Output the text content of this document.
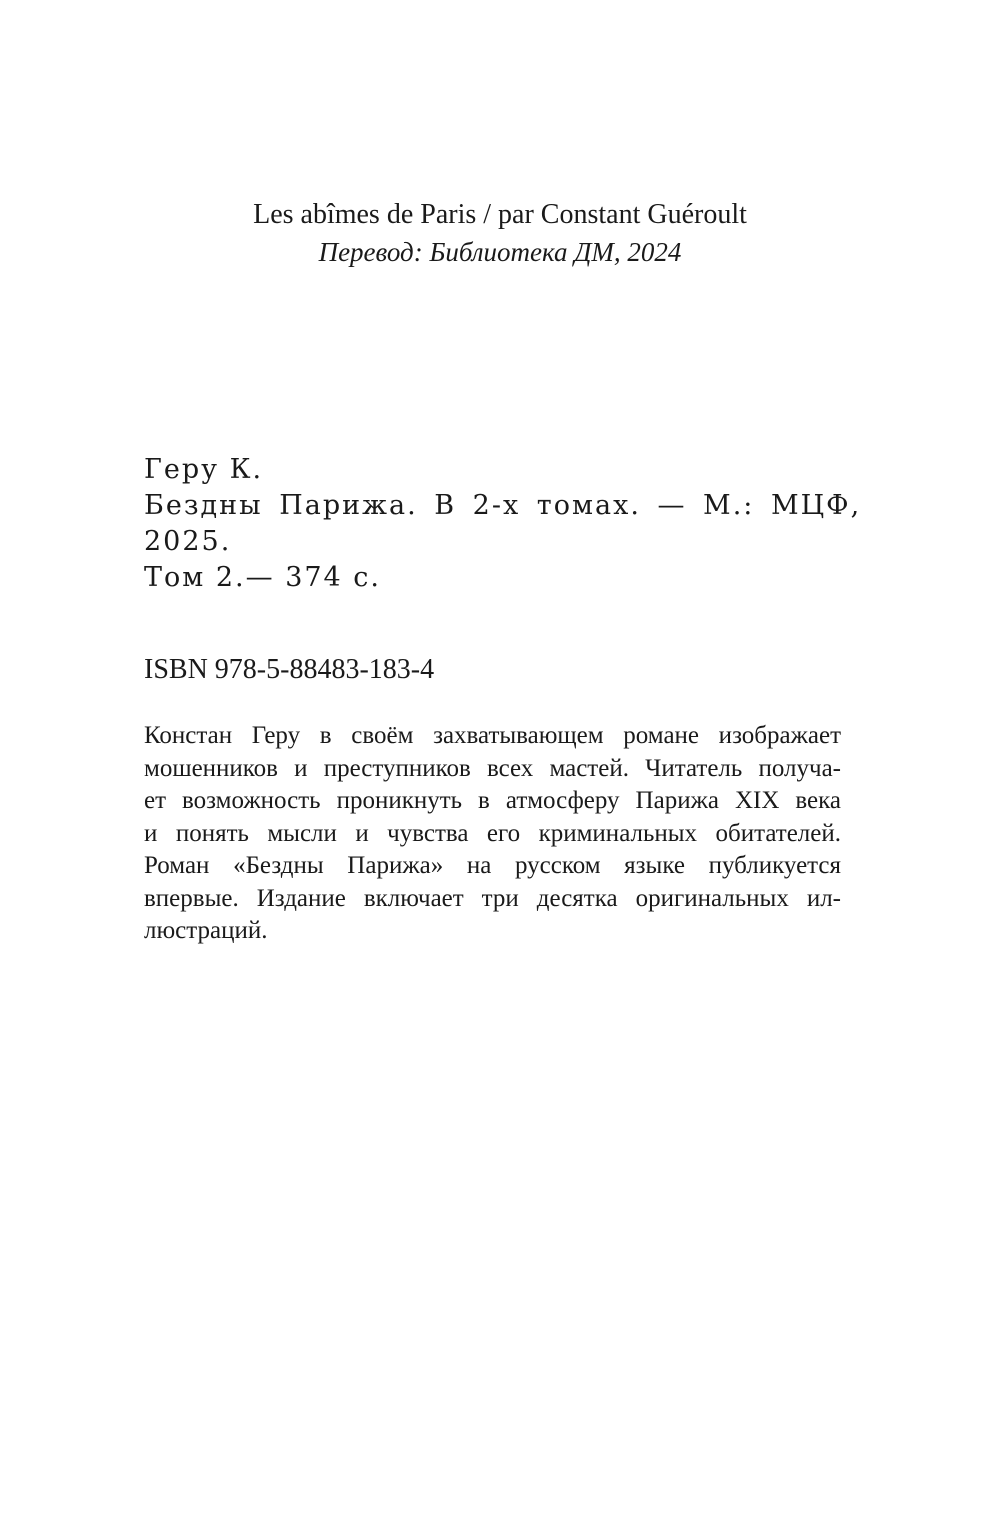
Les abîmes de Paris / par Constant Guéroult
Перевод: Библиотека ДМ, 2024
Геру К.
Бездны Парижа. В 2-х томах. — М.: МЦФ,
2025.
Том 2.— 374 с.
ISBN 978-5-88483-183-4
Констан Геру в своём захватывающем романе изображает
мошенников и преступников всех мастей. Читатель получа-
ет возможность проникнуть в атмосферу Парижа XIX века
и понять мысли и чувства его криминальных обитателей.
Роман «Бездны Парижа» на русском языке публикуется
впервые. Издание включает три десятка оригинальных ил-
люстраций.
